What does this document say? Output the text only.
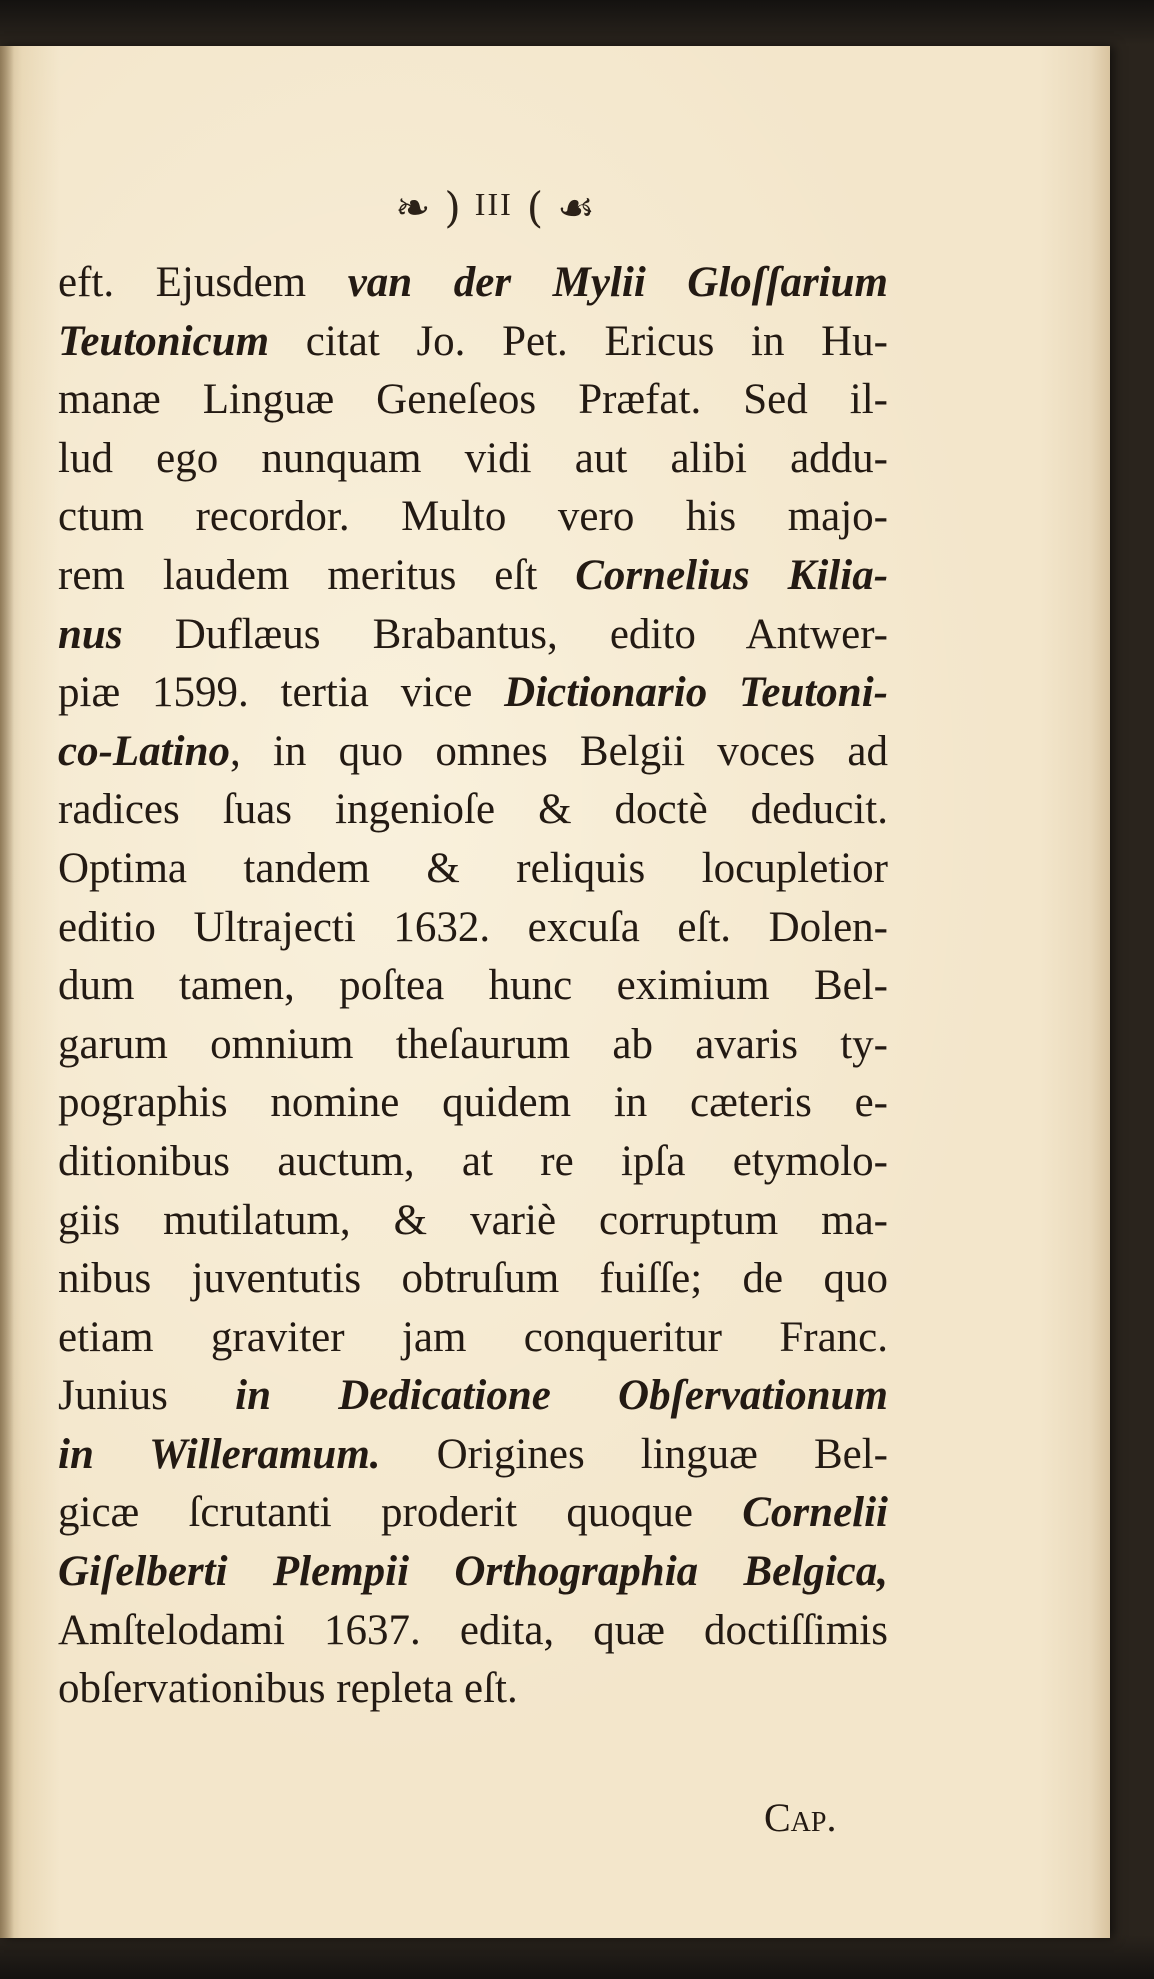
❧ ) III ( ☙
eft. Ejusdem van der Mylii Gloſſarium
Teutonicum citat Jo. Pet. Ericus in Hu-
manæ Linguæ Geneſeos Præfat. Sed il-
lud ego nunquam vidi aut alibi addu-
ctum recordor. Multo vero his majo-
rem laudem meritus eſt Cornelius Kilia-
nus Duflæus Brabantus, edito Antwer-
piæ 1599. tertia vice Dictionario Teutoni-
co-Latino, in quo omnes Belgii voces ad
radices ſuas ingenioſe & doctè deducit.
Optima tandem & reliquis locupletior
editio Ultrajecti 1632. excuſa eſt. Dolen-
dum tamen, poſtea hunc eximium Bel-
garum omnium theſaurum ab avaris ty-
pographis nomine quidem in cæteris e-
ditionibus auctum, at re ipſa etymolo-
giis mutilatum, & variè corruptum ma-
nibus juventutis obtruſum fuiſſe; de quo
etiam graviter jam conqueritur Franc.
Junius in Dedicatione Obſervationum
in Willeramum. Origines linguæ Bel-
gicæ ſcrutanti proderit quoque Cornelii
Giſelberti Plempii Orthographia Belgica,
Amſtelodami 1637. edita, quæ doctiſſimis
obſervationibus repleta eſt.
Cap.
